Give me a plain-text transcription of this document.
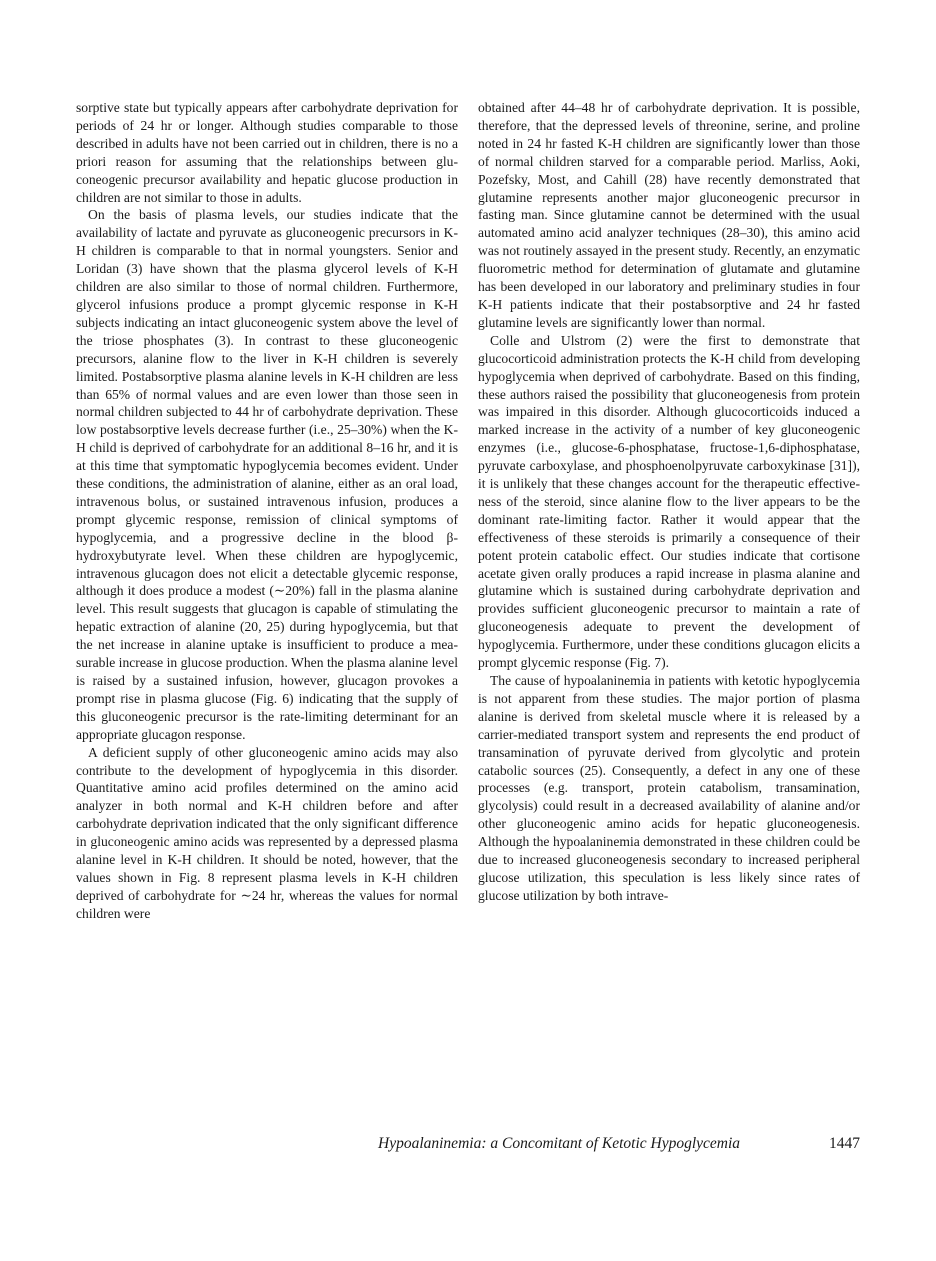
sorptive state but typically appears after carbohydrate deprivation for periods of 24 hr or longer. Although studies comparable to those described in adults have not been carried out in children, there is no a priori reason for assuming that the relationships between gluconeogenic precursor availability and hepatic glucose production in children are not similar to those in adults.

On the basis of plasma levels, our studies indicate that the availability of lactate and pyruvate as gluconeogenic precursors in K-H children is comparable to that in normal youngsters. Senior and Loridan (3) have shown that the plasma glycerol levels of K-H children are also similar to those of normal children. Furthermore, glycerol infusions produce a prompt glycemic response in K-H subjects indicating an intact gluconeogenic system above the level of the triose phosphates (3). In contrast to these gluconeogenic precursors, alanine flow to the liver in K-H children is severely limited. Postabsorptive plasma alanine levels in K-H children are less than 65% of normal values and are even lower than those seen in normal children subjected to 44 hr of carbohydrate deprivation. These low postabsorptive levels decrease further (i.e., 25–30%) when the K-H child is deprived of carbohydrate for an additional 8–16 hr, and it is at this time that symptomatic hypoglycemia becomes evident. Under these conditions, the administration of alanine, either as an oral load, intravenous bolus, or sustained intravenous infusion, produces a prompt glycemic response, remission of clinical symptoms of hypoglycemia, and a progressive decline in the blood β-hydroxybutyrate level. When these children are hypoglycemic, intravenous glucagon does not elicit a detectable glycemic response, although it does produce a modest (∼20%) fall in the plasma alanine level. This result suggests that glucagon is capable of stimulating the hepatic extraction of alanine (20, 25) during hypoglycemia, but that the net increase in alanine uptake is insufficient to produce a measurable increase in glucose production. When the plasma alanine level is raised by a sustained infusion, however, glucagon provokes a prompt rise in plasma glucose (Fig. 6) indicating that the supply of this gluconeogenic precursor is the rate-limiting determinant for an appropriate glucagon response.

A deficient supply of other gluconeogenic amino acids may also contribute to the development of hypoglycemia in this disorder. Quantitative amino acid profiles determined on the amino acid analyzer in both normal and K-H children before and after carbohydrate deprivation indicated that the only significant difference in gluconeogenic amino acids was represented by a depressed plasma alanine level in K-H children. It should be noted, however, that the values shown in Fig. 8 represent plasma levels in K-H children deprived of carbohydrate for ∼24 hr, whereas the values for normal children were

obtained after 44–48 hr of carbohydrate deprivation. It is possible, therefore, that the depressed levels of threonine, serine, and proline noted in 24 hr fasted K-H children are significantly lower than those of normal children starved for a comparable period. Marliss, Aoki, Pozefsky, Most, and Cahill (28) have recently demonstrated that glutamine represents another major gluconeogenic precursor in fasting man. Since glutamine cannot be determined with the usual automated amino acid analyzer techniques (28–30), this amino acid was not routinely assayed in the present study. Recently, an enzymatic fluorometric method for determination of glutamate and glutamine has been developed in our laboratory and preliminary studies in four K-H patients indicate that their postabsorptive and 24 hr fasted glutamine levels are significantly lower than normal.

Colle and Ulstrom (2) were the first to demonstrate that glucocorticoid administration protects the K-H child from developing hypoglycemia when deprived of carbohydrate. Based on this finding, these authors raised the possibility that gluconeogenesis from protein was impaired in this disorder. Although glucocorticoids induced a marked increase in the activity of a number of key gluconeogenic enzymes (i.e., glucose-6-phosphatase, fructose-1,6-diphosphatase, pyruvate carboxylase, and phosphoenolpyruvate carboxykinase [31]), it is unlikely that these changes account for the therapeutic effectiveness of the steroid, since alanine flow to the liver appears to be the dominant rate-limiting factor. Rather it would appear that the effectiveness of these steroids is primarily a consequence of their potent protein catabolic effect. Our studies indicate that cortisone acetate given orally produces a rapid increase in plasma alanine and glutamine which is sustained during carbohydrate deprivation and provides sufficient gluconeogenic precursor to maintain a rate of gluconeogenesis adequate to prevent the development of hypoglycemia. Furthermore, under these conditions glucagon elicits a prompt glycemic response (Fig. 7).

The cause of hypoalaninemia in patients with ketotic hypoglycemia is not apparent from these studies. The major portion of plasma alanine is derived from skeletal muscle where it is released by a carrier-mediated transport system and represents the end product of transamination of pyruvate derived from glycolytic and protein catabolic sources (25). Consequently, a defect in any one of these processes (e.g. transport, protein catabolism, transamination, glycolysis) could result in a decreased availability of alanine and/or other gluconeogenic amino acids for hepatic gluconeogenesis. Although the hypoalaninemia demonstrated in these children could be due to increased gluconeogenesis secondary to increased peripheral glucose utilization, this speculation is less likely since rates of glucose utilization by both intrave-

Hypoalaninemia: a Concomitant of Ketotic Hypoglycemia	1447
